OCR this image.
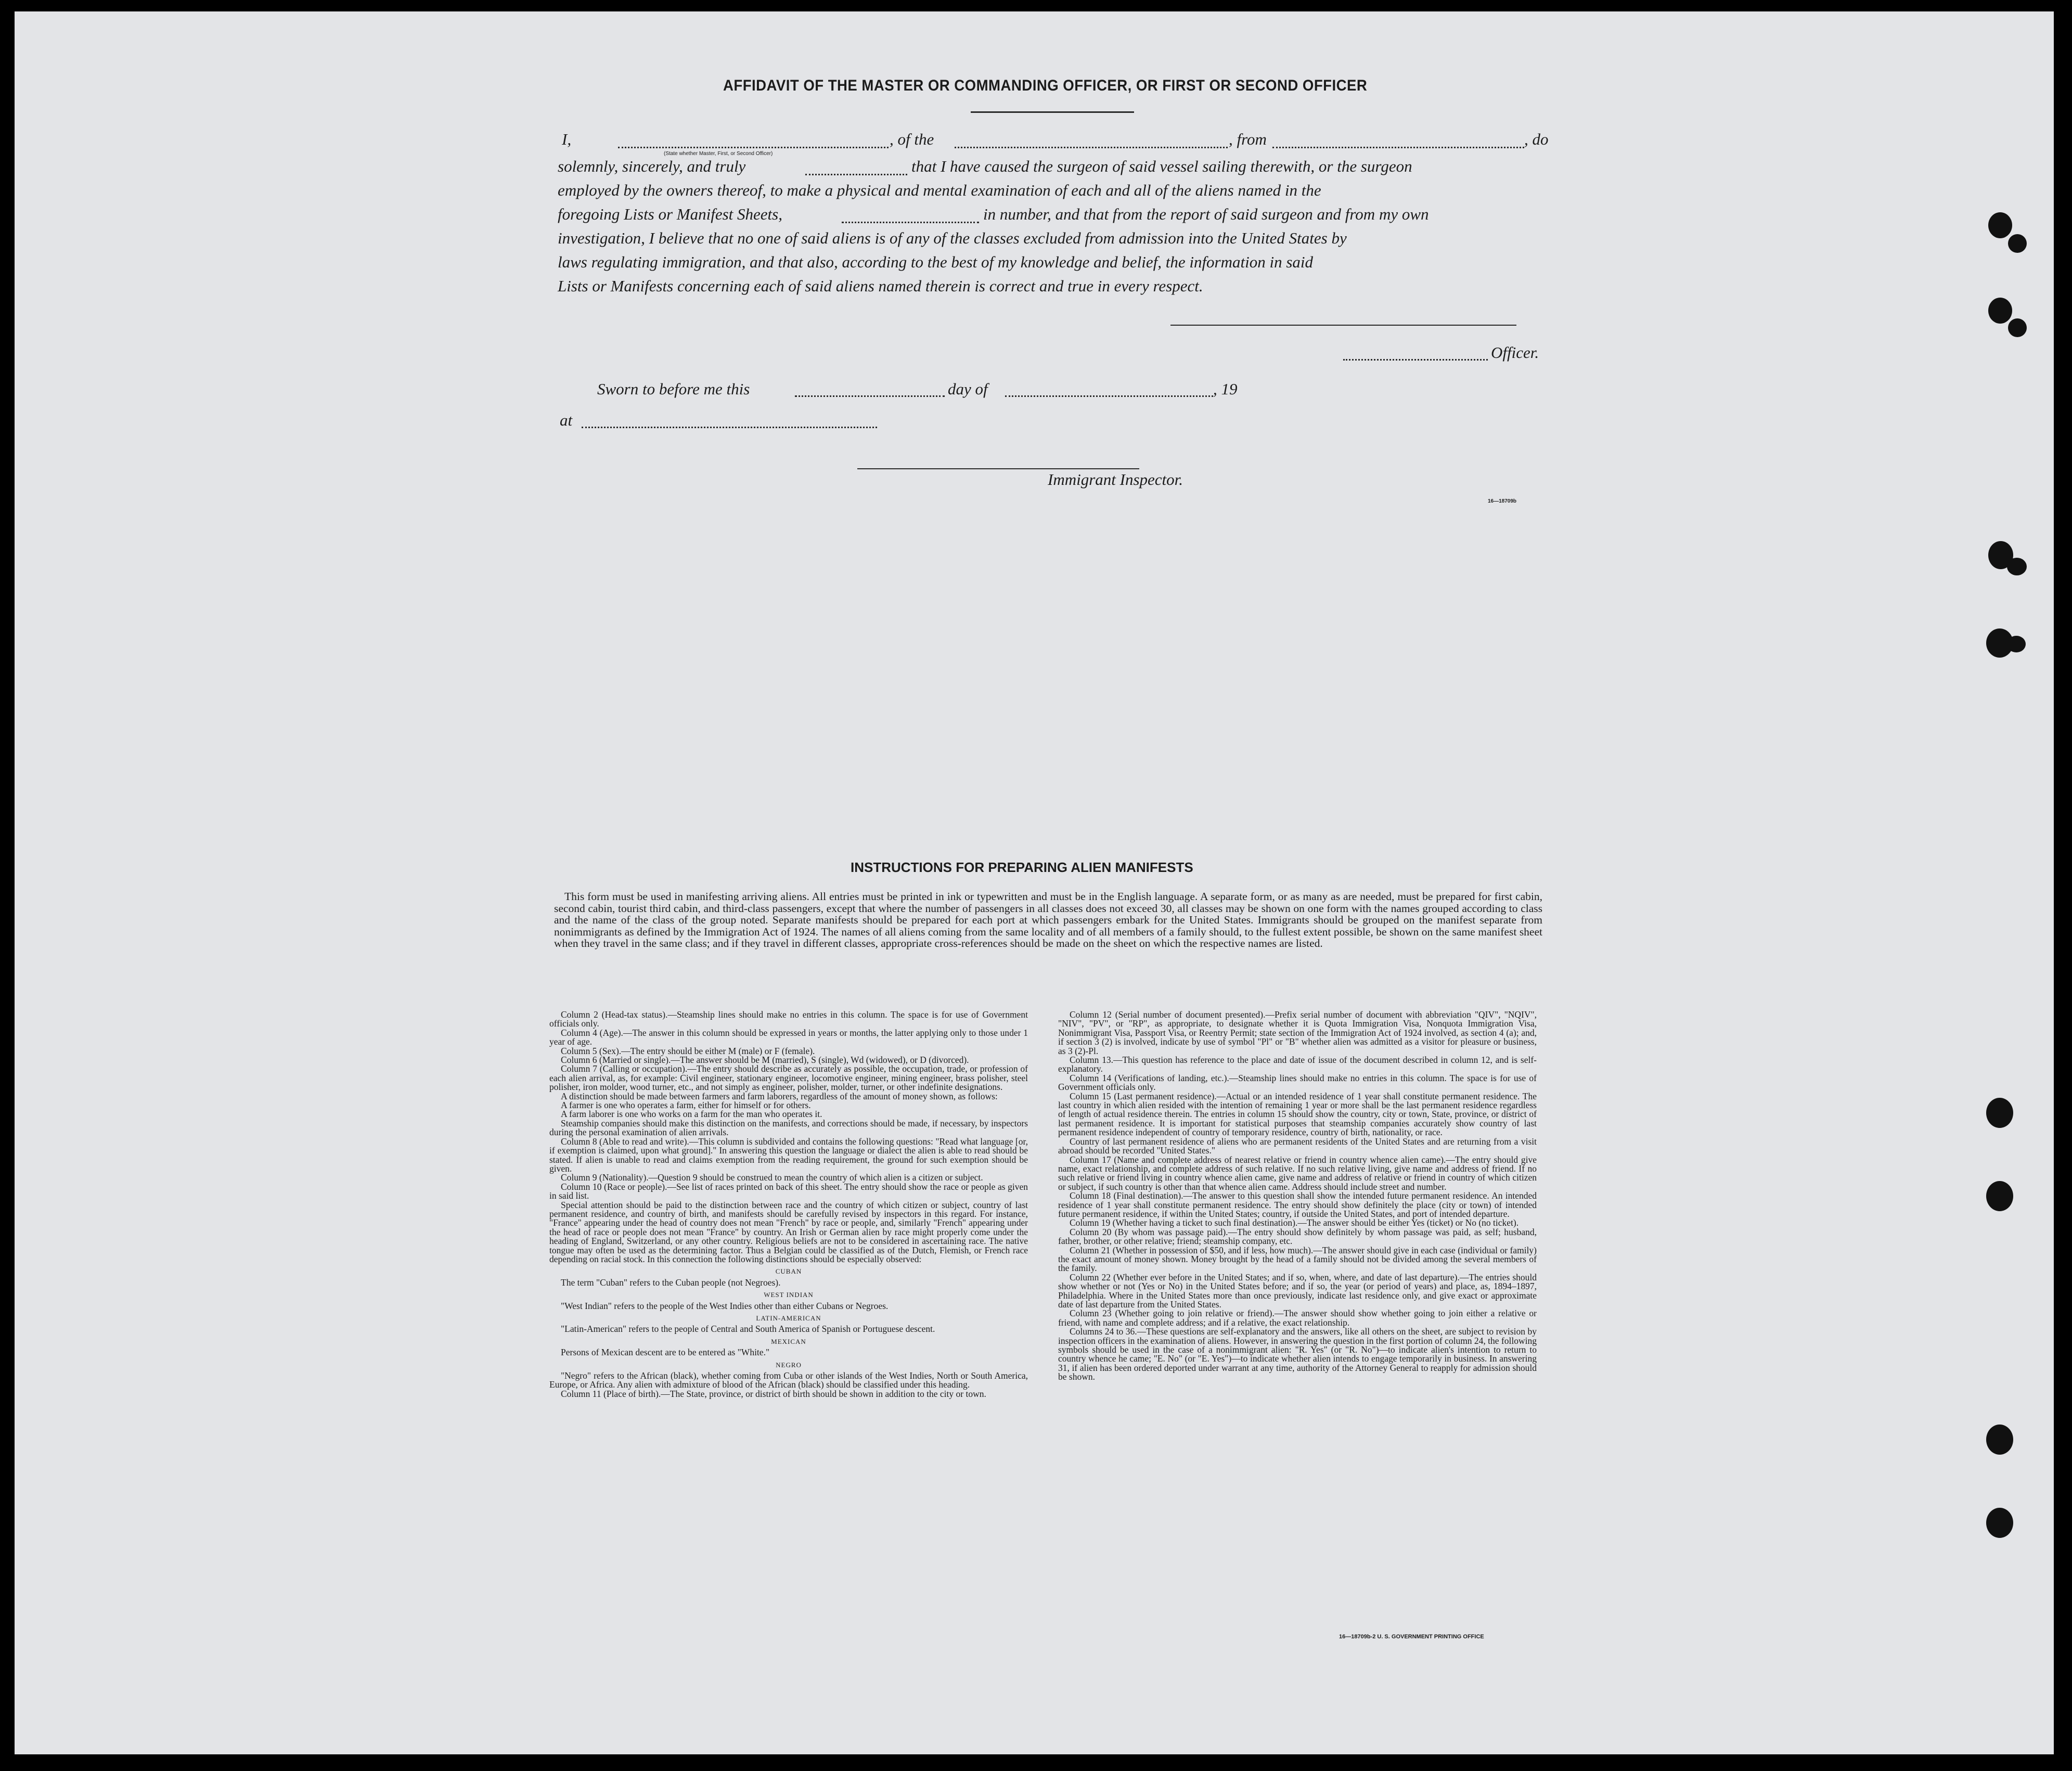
AFFIDAVIT OF THE MASTER OR COMMANDING OFFICER, OR FIRST OR SECOND OFFICER
I,
(State whether Master, First, or Second Officer)
, of the	, from	, do
solemnly, sincerely, and truly	that I have caused the surgeon of said vessel sailing therewith, or the surgeon
employed by the owners thereof, to make a physical and mental examination of each and all of the aliens named in the
foregoing Lists or Manifest Sheets,	in number, and that from the report of said surgeon and from my own
investigation, I believe that no one of said aliens is of any of the classes excluded from admission into the United States by
laws regulating immigration, and that also, according to the best of my knowledge and belief, the information in said
Lists or Manifests concerning each of said aliens named therein is correct and true in every respect.
Officer.
Sworn to before me this	day of	, 19
at
Immigrant Inspector.
16—18709b
INSTRUCTIONS FOR PREPARING ALIEN MANIFESTS
This form must be used in manifesting arriving aliens. All entries must be printed in ink or typewritten and must be in the English language. A separate form, or as many as are needed, must be prepared for first cabin, second cabin, tourist third cabin, and third-class passengers, except that where the number of passengers in all classes does not exceed 30, all classes may be shown on one form with the names grouped according to class and the name of the class of the group noted. Separate manifests should be prepared for each port at which passengers embark for the United States. Immigrants should be grouped on the manifest separate from nonimmigrants as defined by the Immigration Act of 1924. The names of all aliens coming from the same locality and of all members of a family should, to the fullest extent possible, be shown on the same manifest sheet when they travel in the same class; and if they travel in different classes, appropriate cross-references should be made on the sheet on which the respective names are listed.

Column 2 (Head-tax status).—Steamship lines should make no entries in this column. The space is for use of Government officials only.

Column 4 (Age).—The answer in this column should be expressed in years or months, the latter applying only to those under 1 year of age.

Column 5 (Sex).—The entry should be either M (male) or F (female).

Column 6 (Married or single).—The answer should be M (married), S (single), Wd (widowed), or D (divorced).

Column 7 (Calling or occupation).—The entry should describe as accurately as possible, the occupation, trade, or profession of each alien arrival, as, for example: Civil engineer, stationary engineer, locomotive engineer, mining engineer, brass polisher, steel polisher, iron molder, wood turner, etc., and not simply as engineer, polisher, molder, turner, or other indefinite designations.

A distinction should be made between farmers and farm laborers, regardless of the amount of money shown, as follows:

A farmer is one who operates a farm, either for himself or for others.

A farm laborer is one who works on a farm for the man who operates it.

Steamship companies should make this distinction on the manifests, and corrections should be made, if necessary, by inspectors during the personal examination of alien arrivals.

Column 8 (Able to read and write).—This column is subdivided and contains the following questions: "Read what language [or, if exemption is claimed, upon what ground]." In answering this question the language or dialect the alien is able to read should be stated. If alien is unable to read and claims exemption from the reading requirement, the ground for such exemption should be given.

Column 9 (Nationality).—Question 9 should be construed to mean the country of which alien is a citizen or subject.

Column 10 (Race or people).—See list of races printed on back of this sheet. The entry should show the race or people as given in said list.

Special attention should be paid to the distinction between race and the country of which citizen or subject, country of last permanent residence, and country of birth, and manifests should be carefully revised by inspectors in this regard. For instance, "France" appearing under the head of country does not mean "French" by race or people, and, similarly "French" appearing under the head of race or people does not mean "France" by country. An Irish or German alien by race might properly come under the heading of England, Switzerland, or any other country. Religious beliefs are not to be considered in ascertaining race. The native tongue may often be used as the determining factor. Thus a Belgian could be classified as of the Dutch, Flemish, or French race depending on racial stock. In this connection the following distinctions should be especially observed:

CUBAN

The term "Cuban" refers to the Cuban people (not Negroes).

WEST INDIAN

"West Indian" refers to the people of the West Indies other than either Cubans or Negroes.

LATIN-AMERICAN

"Latin-American" refers to the people of Central and South America of Spanish or Portuguese descent.

MEXICAN

Persons of Mexican descent are to be entered as "White."

NEGRO

"Negro" refers to the African (black), whether coming from Cuba or other islands of the West Indies, North or South America, Europe, or Africa. Any alien with admixture of blood of the African (black) should be classified under this heading.

Column 11 (Place of birth).—The State, province, or district of birth should be shown in addition to the city or town.

Column 12 (Serial number of document presented).—Prefix serial number of document with abbreviation "QIV", "NQIV", "NIV", "PV", or "RP", as appropriate, to designate whether it is Quota Immigration Visa, Nonquota Immigration Visa, Nonimmigrant Visa, Passport Visa, or Reentry Permit; state section of the Immigration Act of 1924 involved, as section 4 (a); and, if section 3 (2) is involved, indicate by use of symbol "Pl" or "B" whether alien was admitted as a visitor for pleasure or business, as 3 (2)-Pl.

Column 13.—This question has reference to the place and date of issue of the document described in column 12, and is self-explanatory.

Column 14 (Verifications of landing, etc.).—Steamship lines should make no entries in this column. The space is for use of Government officials only.

Column 15 (Last permanent residence).—Actual or an intended residence of 1 year shall constitute permanent residence. The last country in which alien resided with the intention of remaining 1 year or more shall be the last permanent residence regardless of length of actual residence therein. The entries in column 15 should show the country, city or town, State, province, or district of last permanent residence. It is important for statistical purposes that steamship companies accurately show country of last permanent residence independent of country of temporary residence, country of birth, nationality, or race.

Country of last permanent residence of aliens who are permanent residents of the United States and are returning from a visit abroad should be recorded "United States."

Column 17 (Name and complete address of nearest relative or friend in country whence alien came).—The entry should give name, exact relationship, and complete address of such relative. If no such relative living, give name and address of friend. If no such relative or friend living in country whence alien came, give name and address of relative or friend in country of which citizen or subject, if such country is other than that whence alien came. Address should include street and number.

Column 18 (Final destination).—The answer to this question shall show the intended future permanent residence. An intended residence of 1 year shall constitute permanent residence. The entry should show definitely the place (city or town) of intended future permanent residence, if within the United States; country, if outside the United States, and port of intended departure.

Column 19 (Whether having a ticket to such final destination).—The answer should be either Yes (ticket) or No (no ticket).

Column 20 (By whom was passage paid).—The entry should show definitely by whom passage was paid, as self; husband, father, brother, or other relative; friend; steamship company, etc.

Column 21 (Whether in possession of $50, and if less, how much).—The answer should give in each case (individual or family) the exact amount of money shown. Money brought by the head of a family should not be divided among the several members of the family.

Column 22 (Whether ever before in the United States; and if so, when, where, and date of last departure).—The entries should show whether or not (Yes or No) in the United States before; and if so, the year (or period of years) and place, as, 1894–1897, Philadelphia. Where in the United States more than once previously, indicate last residence only, and give exact or approximate date of last departure from the United States.

Column 23 (Whether going to join relative or friend).—The answer should show whether going to join either a relative or friend, with name and complete address; and if a relative, the exact relationship.

Columns 24 to 36.—These questions are self-explanatory and the answers, like all others on the sheet, are subject to revision by inspection officers in the examination of aliens. However, in answering the question in the first portion of column 24, the following symbols should be used in the case of a nonimmigrant alien: "R. Yes" (or "R. No")—to indicate alien's intention to return to country whence he came; "E. No" (or "E. Yes")—to indicate whether alien intends to engage temporarily in business. In answering 31, if alien has been ordered deported under warrant at any time, authority of the Attorney General to reapply for admission should be shown.

16—18709b-2 U. S. GOVERNMENT PRINTING OFFICE
